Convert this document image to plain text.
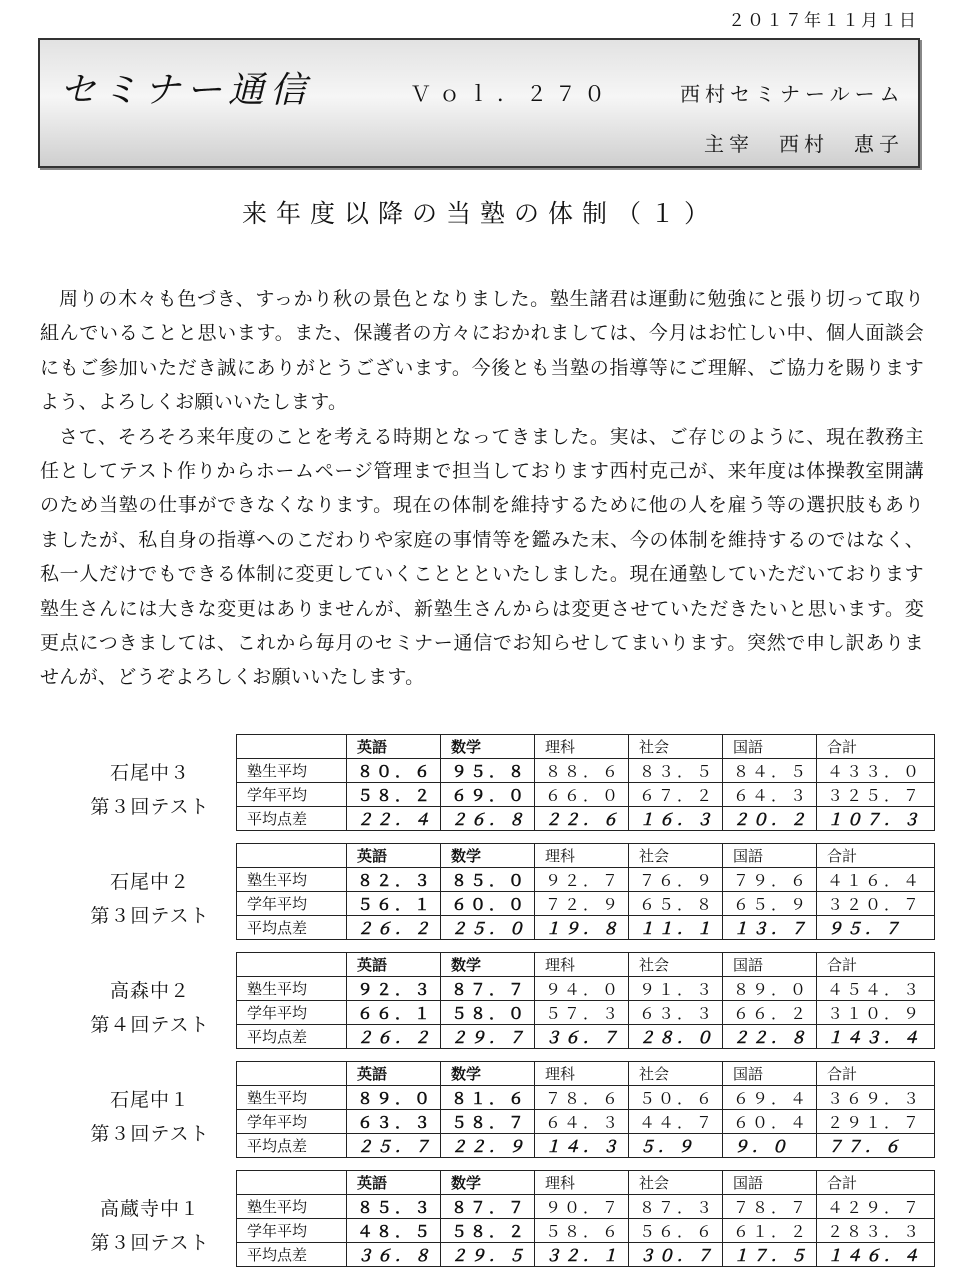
２０１７年１１月１日
セミナー通信	Ｖｏｌ．２７０	西村セミナールーム
主宰　西村　恵子
来年度以降の当塾の体制（１）

周りの木々も色づき、すっかり秋の景色となりました。塾生諸君は運動に勉強にと張り切って取り組んでいることと思います。また、保護者の方々におかれましては、今月はお忙しい中、個人面談会にもご参加いただき誠にありがとうございます。今後とも当塾の指導等にご理解、ご協力を賜りますよう、よろしくお願いいたします。

さて、そろそろ来年度のことを考える時期となってきました。実は、ご存じのように、現在教務主任としてテスト作りからホームページ管理まで担当しております西村克己が、来年度は体操教室開講のため当塾の仕事ができなくなります。現在の体制を維持するために他の人を雇う等の選択肢もありましたが、私自身の指導へのこだわりや家庭の事情等を鑑みた末、今の体制を維持するのではなく、私一人だけでもできる体制に変更していくこととといたしました。現在通塾していただいております塾生さんには大きな変更はありませんが、新塾生さんからは変更させていただきたいと思います。変更点につきましては、これから毎月のセミナー通信でお知らせしてまいります。突然で申し訳ありませんが、どうぞよろしくお願いいたします。

石尾中３
第３回テスト
	英語	数学	理科	社会	国語	合計
塾生平均	８０．６	９５．８	８８．６	８３．５	８４．５	４３３．０
学年平均	５８．２	６９．０	６６．０	６７．２	６４．３	３２５．７
平均点差	２２．４	２６．８	２２．６	１６．３	２０．２	１０７．３
石尾中２
第３回テスト
	英語	数学	理科	社会	国語	合計
塾生平均	８２．３	８５．０	９２．７	７６．９	７９．６	４１６．４
学年平均	５６．１	６０．０	７２．９	６５．８	６５．９	３２０．７
平均点差	２６．２	２５．０	１９．８	１１．１	１３．７	９５．７
高森中２
第４回テスト
	英語	数学	理科	社会	国語	合計
塾生平均	９２．３	８７．７	９４．０	９１．３	８９．０	４５４．３
学年平均	６６．１	５８．０	５７．３	６３．３	６６．２	３１０．９
平均点差	２６．２	２９．７	３６．７	２８．０	２２．８	１４３．４
石尾中１
第３回テスト
	英語	数学	理科	社会	国語	合計
塾生平均	８９．０	８１．６	７８．６	５０．６	６９．４	３６９．３
学年平均	６３．３	５８．７	６４．３	４４．７	６０．４	２９１．７
平均点差	２５．７	２２．９	１４．３	５．９	９．０	７７．６
高蔵寺中１
第３回テスト
	英語	数学	理科	社会	国語	合計
塾生平均	８５．３	８７．７	９０．７	８７．３	７８．７	４２９．７
学年平均	４８．５	５８．２	５８．６	５６．６	６１．２	２８３．３
平均点差	３６．８	２９．５	３２．１	３０．７	１７．５	１４６．４
